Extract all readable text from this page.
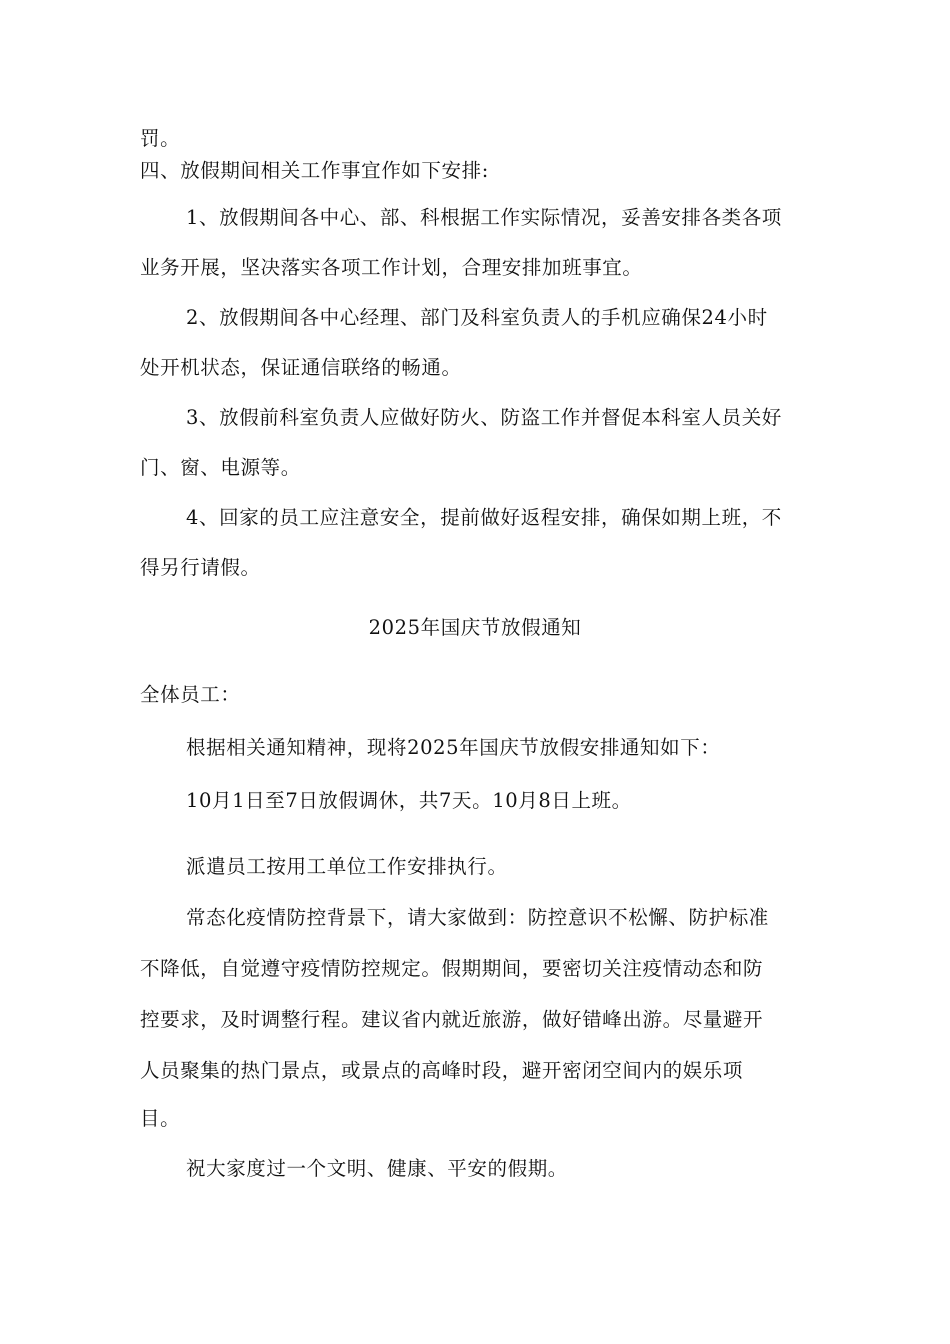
罚。
四、放假期间相关工作事宜作如下安排:
1、放假期间各中心、部、科根据工作实际情况，妥善安排各类各项
业务开展，坚决落实各项工作计划，合理安排加班事宜。
2、放假期间各中心经理、部门及科室负责人的手机应确保24小时
处开机状态，保证通信联络的畅通。
3、放假前科室负责人应做好防火、防盗工作并督促本科室人员关好
门、窗、电源等。
4、回家的员工应注意安全，提前做好返程安排，确保如期上班，不
得另行请假。
2025年国庆节放假通知
全体员工：
根据相关通知精神，现将2025年国庆节放假安排通知如下：
10月1日至7日放假调休，共7天。10月8日上班。
派遣员工按用工单位工作安排执行。
常态化疫情防控背景下，请大家做到：防控意识不松懈、防护标准
不降低，自觉遵守疫情防控规定。假期期间，要密切关注疫情动态和防
控要求，及时调整行程。建议省内就近旅游，做好错峰出游。尽量避开
人员聚集的热门景点，或景点的高峰时段，避开密闭空间内的娱乐项
目。
祝大家度过一个文明、健康、平安的假期。
